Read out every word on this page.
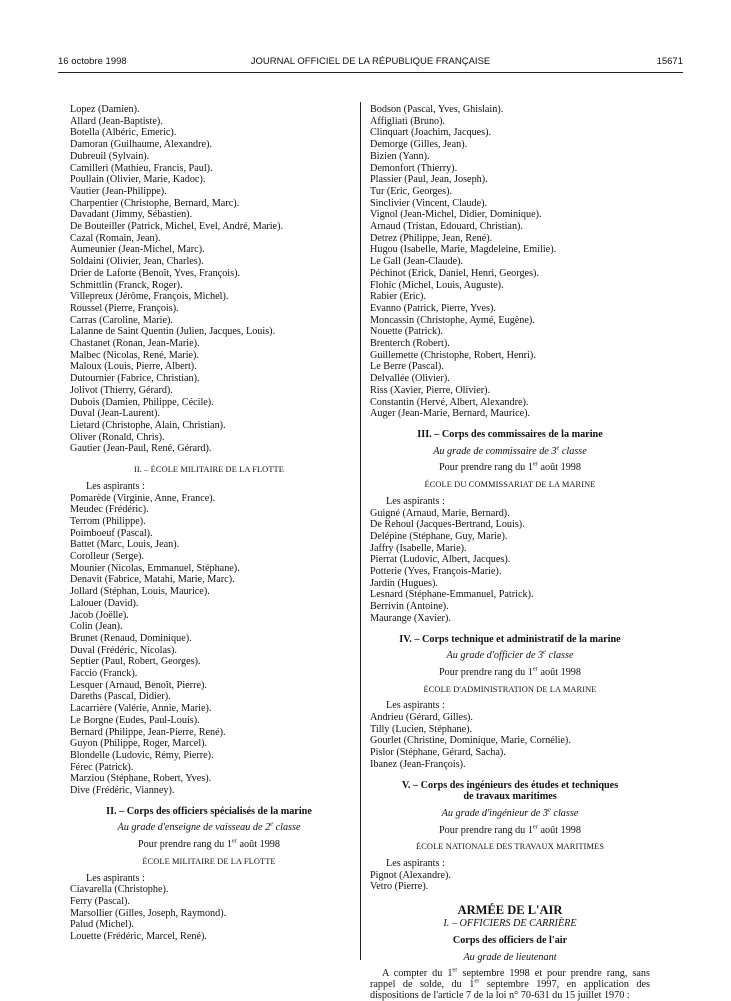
16 octobre 1998	JOURNAL OFFICIEL DE LA RÉPUBLIQUE FRANÇAISE	15671
Lopez (Damien).
Allard (Jean-Baptiste).
Botella (Albéric, Emeric).
Damoran (Guilhaume, Alexandre).
Dubreuil (Sylvain).
Camilleri (Mathieu, Francis, Paul).
Poullain (Olivier, Marie, Kadoc).
Vautier (Jean-Philippe).
Charpentier (Christophe, Bernard, Marc).
Davadant (Jimmy, Sébastien).
De Bouteiller (Patrick, Michel, Evel, André, Marie).
Cazal (Romain, Jean).
Aumeunier (Jean-Michel, Marc).
Soldaini (Olivier, Jean, Charles).
Drier de Laforte (Benoît, Yves, François).
Schmittlin (Franck, Roger).
Villepreux (Jérôme, François, Michel).
Roussel (Pierre, François).
Carras (Caroline, Marie).
Lalanne de Saint Quentin (Julien, Jacques, Louis).
Chastanet (Ronan, Jean-Marie).
Malbec (Nicolas, René, Marie).
Maloux (Louis, Pierre, Albert).
Dutournier (Fabrice, Christian).
Jolivot (Thierry, Gérard).
Dubois (Damien, Philippe, Cécile).
Duval (Jean-Laurent).
Lietard (Christophe, Alain, Christian).
Oliver (Ronald, Chris).
Gautier (Jean-Paul, René, Gérard).
II. – ÉCOLE MILITAIRE DE LA FLOTTE
Les aspirants :
Pomarède (Virginie, Anne, France).
Meudec (Frédéric).
Terrom (Philippe).
Poimboeuf (Pascal).
Battet (Marc, Louis, Jean).
Corolleur (Serge).
Mounier (Nicolas, Emmanuel, Stéphane).
Denavit (Fabrice, Matahi, Marie, Marc).
Jollard (Stéphan, Louis, Maurice).
Lalouer (David).
Jacob (Joëlle).
Colin (Jean).
Brunet (Renaud, Dominique).
Duval (Frédéric, Nicolas).
Septier (Paul, Robert, Georges).
Faccio (Franck).
Lesquer (Arnaud, Benoît, Pierre).
Dareths (Pascal, Didier).
Lacarrière (Valérie, Annie, Marie).
Le Borgne (Eudes, Paul-Louis).
Bernard (Philippe, Jean-Pierre, René).
Guyon (Philippe, Roger, Marcel).
Blondelle (Ludovic, Rémy, Pierre).
Férec (Patrick).
Marziou (Stéphane, Robert, Yves).
Dive (Frédéric, Vianney).
II. – Corps des officiers spécialisés de la marine
Au grade d'enseigne de vaisseau de 2e classe
Pour prendre rang du 1er août 1998
ÉCOLE MILITAIRE DE LA FLOTTE
Les aspirants :
Ciavarella (Christophe).
Ferry (Pascal).
Marsollier (Gilles, Joseph, Raymond).
Palud (Michel).
Louette (Frédéric, Marcel, René).
Bodson (Pascal, Yves, Ghislain).
Affigliati (Bruno).
Clinquart (Joachim, Jacques).
Demorge (Gilles, Jean).
Bizien (Yann).
Demonfort (Thierry).
Plassier (Paul, Jean, Joseph).
Tur (Eric, Georges).
Sinclivier (Vincent, Claude).
Vignol (Jean-Michel, Didier, Dominique).
Arnaud (Tristan, Edouard, Christian).
Detrez (Philippe, Jean, René).
Hugou (Isabelle, Marie, Magdeleine, Emilie).
Le Gall (Jean-Claude).
Péchinot (Erick, Daniel, Henri, Georges).
Flohic (Michel, Louis, Auguste).
Rabier (Eric).
Evanno (Patrick, Pierre, Yves).
Moncassin (Christophe, Aymé, Eugène).
Nouette (Patrick).
Brenterch (Robert).
Guillemette (Christophe, Robert, Henri).
Le Berre (Pascal).
Delvallée (Olivier).
Riss (Xavier, Pierre, Olivier).
Constantin (Hervé, Albert, Alexandre).
Auger (Jean-Marie, Bernard, Maurice).
III. – Corps des commissaires de la marine
Au grade de commissaire de 3e classe
Pour prendre rang du 1er août 1998
ÉCOLE DU COMMISSARIAT DE LA MARINE
Les aspirants :
Guigné (Arnaud, Marie, Bernard).
De Rehoul (Jacques-Bertrand, Louis).
Delépine (Stéphane, Guy, Marie).
Jaffry (Isabelle, Marie).
Pierrat (Ludovic, Albert, Jacques).
Potterie (Yves, François-Marie).
Jardin (Hugues).
Lesnard (Stéphane-Emmanuel, Patrick).
Berrivin (Antoine).
Maurange (Xavier).
IV. – Corps technique et administratif de la marine
Au grade d'officier de 3e classe
Pour prendre rang du 1er août 1998
ÉCOLE D'ADMINISTRATION DE LA MARINE
Les aspirants :
Andrieu (Gérard, Gilles).
Tilly (Lucien, Stéphane).
Gourlet (Christine, Dominique, Marie, Cornélie).
Pislor (Stéphane, Gérard, Sacha).
Ibanez (Jean-François).
V. – Corps des ingénieurs des études et techniques
de travaux maritimes
Au grade d'ingénieur de 3e classe
Pour prendre rang du 1er août 1998
ÉCOLE NATIONALE DES TRAVAUX MARITIMES
Les aspirants :
Pignot (Alexandre).
Vetro (Pierre).
ARMÉE DE L'AIR
I. – OFFICIERS DE CARRIÈRE
Corps des officiers de l'air
Au grade de lieutenant
A compter du 1er septembre 1998 et pour prendre rang, sans rappel de solde, du 1er septembre 1997, en application des dispositions de l'article 7 de la loi n° 70-631 du 15 juillet 1970 :
